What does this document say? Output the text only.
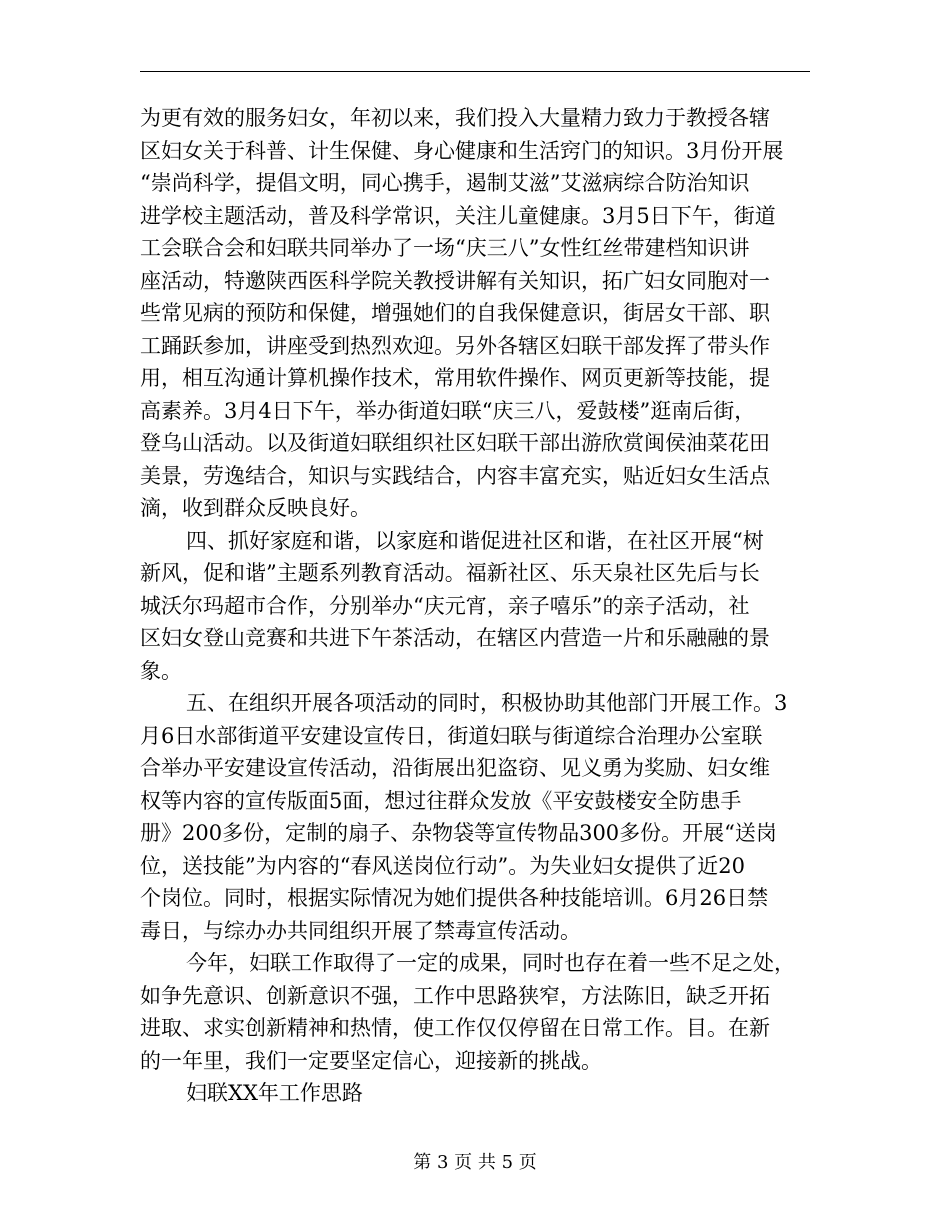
为更有效的服务妇女，年初以来，我们投入大量精力致力于教授各辖
区妇女关于科普、计生保健、身心健康和生活窍门的知识。3月份开展
“崇尚科学，提倡文明，同心携手，遏制艾滋”艾滋病综合防治知识
进学校主题活动，普及科学常识，关注儿童健康。3月5日下午，街道
工会联合会和妇联共同举办了一场“庆三八”女性红丝带建档知识讲
座活动，特邀陕西医科学院关教授讲解有关知识，拓广妇女同胞对一
些常见病的预防和保健，增强她们的自我保健意识，街居女干部、职
工踊跃参加，讲座受到热烈欢迎。另外各辖区妇联干部发挥了带头作
用，相互沟通计算机操作技术，常用软件操作、网页更新等技能，提
高素养。3月4日下午，举办街道妇联“庆三八，爱鼓楼”逛南后街，
登乌山活动。以及街道妇联组织社区妇联干部出游欣赏闽侯油菜花田
美景，劳逸结合，知识与实践结合，内容丰富充实，贴近妇女生活点
滴，收到群众反映良好。

四、抓好家庭和谐，以家庭和谐促进社区和谐，在社区开展“树
新风，促和谐”主题系列教育活动。福新社区、乐天泉社区先后与长
城沃尔玛超市合作，分别举办“庆元宵，亲子嘻乐”的亲子活动，社
区妇女登山竞赛和共进下午茶活动，在辖区内营造一片和乐融融的景
象。

五、在组织开展各项活动的同时，积极协助其他部门开展工作。3
月6日水部街道平安建设宣传日，街道妇联与街道综合治理办公室联
合举办平安建设宣传活动，沿街展出犯盗窃、见义勇为奖励、妇女维
权等内容的宣传版面5面，想过往群众发放《平安鼓楼安全防患手
册》200多份，定制的扇子、杂物袋等宣传物品300多份。开展“送岗
位，送技能”为内容的“春风送岗位行动”。为失业妇女提供了近20
个岗位。同时，根据实际情况为她们提供各种技能培训。6月26日禁
毒日，与综办办共同组织开展了禁毒宣传活动。

今年，妇联工作取得了一定的成果，同时也存在着一些不足之处，
如争先意识、创新意识不强，工作中思路狭窄，方法陈旧，缺乏开拓
进取、求实创新精神和热情，使工作仅仅停留在日常工作。目。在新
的一年里，我们一定要坚定信心，迎接新的挑战。

妇联XX年工作思路

第 3 页 共 5 页
